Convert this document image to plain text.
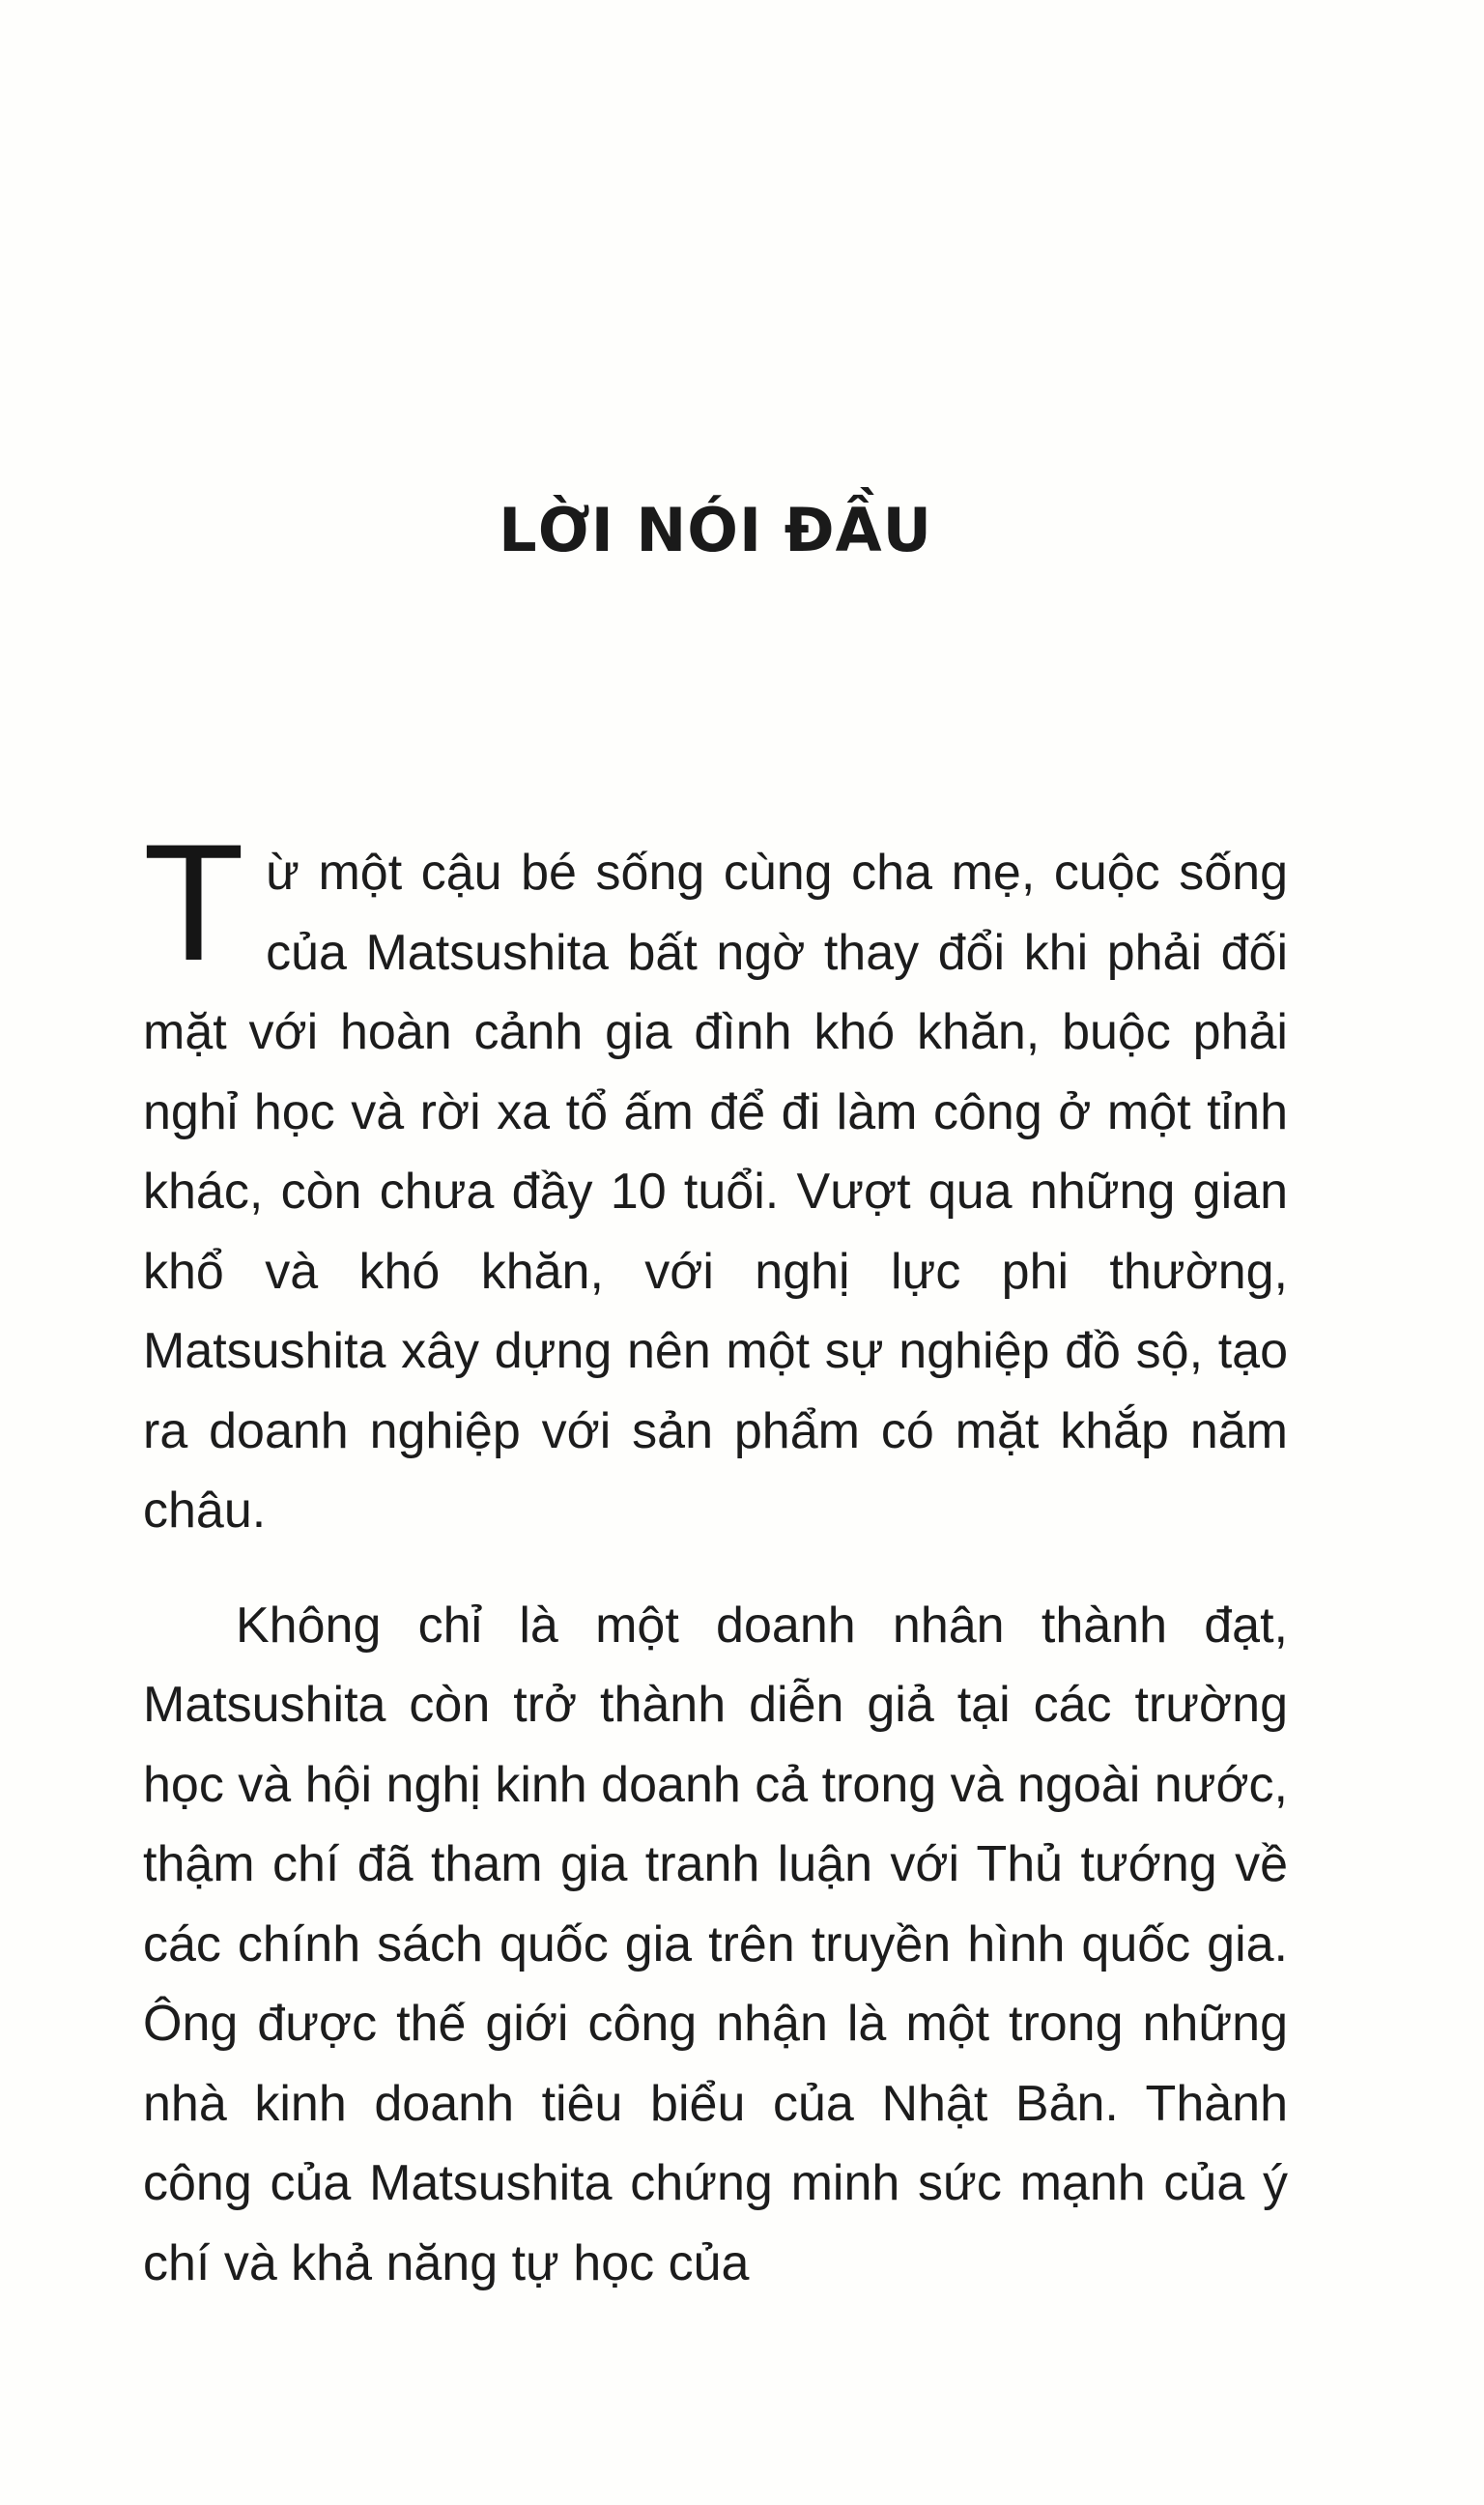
LỜI NÓI ĐẦU

Từ một cậu bé sống cùng cha mẹ, cuộc sống của Matsushita bất ngờ thay đổi khi phải đối mặt với hoàn cảnh gia đình khó khăn, buộc phải nghỉ học và rời xa tổ ấm để đi làm công ở một tỉnh khác, còn chưa đầy 10 tuổi. Vượt qua những gian khổ và khó khăn, với nghị lực phi thường, Matsushita xây dựng nên một sự nghiệp đồ sộ, tạo ra doanh nghiệp với sản phẩm có mặt khắp năm châu.

Không chỉ là một doanh nhân thành đạt, Matsushita còn trở thành diễn giả tại các trường học và hội nghị kinh doanh cả trong và ngoài nước, thậm chí đã tham gia tranh luận với Thủ tướng về các chính sách quốc gia trên truyền hình quốc gia. Ông được thế giới công nhận là một trong những nhà kinh doanh tiêu biểu của Nhật Bản. Thành công của Matsushita chứng minh sức mạnh của ý chí và khả năng tự học của
